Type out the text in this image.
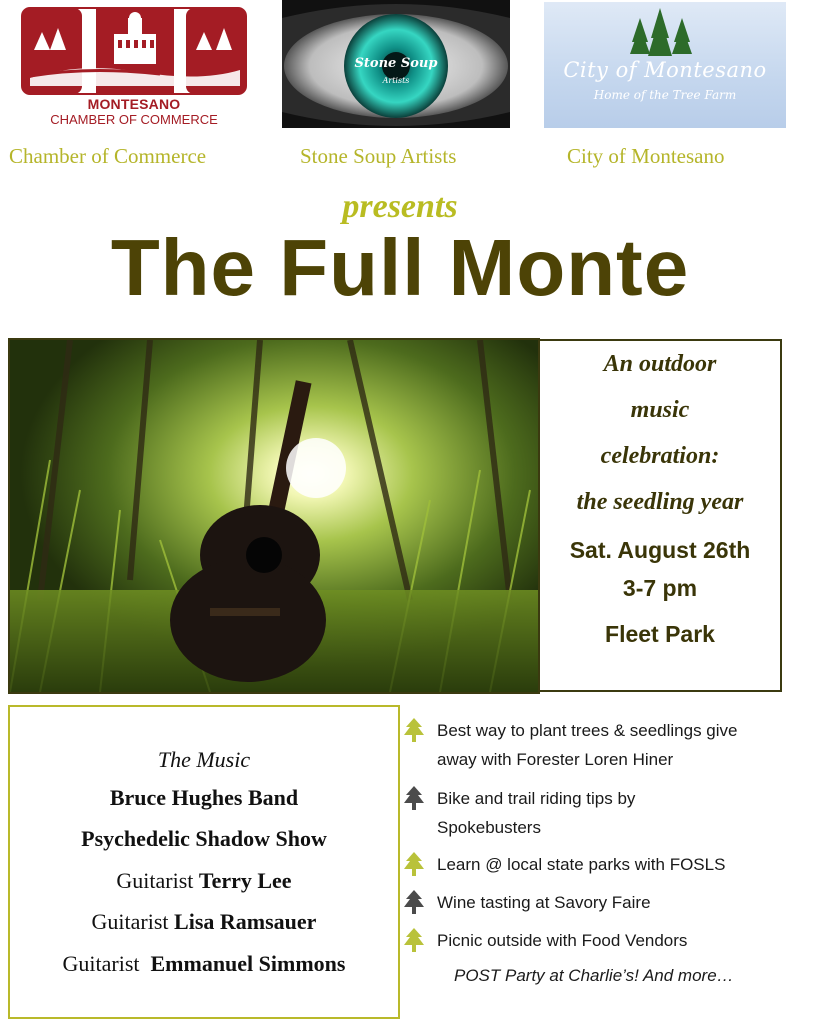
MONTESANO
CHAMBER OF COMMERCE
Stone Soup
Artists	City of Montesano
Home of the Tree Farm
Chamber of Commerce	Stone Soup Artists	City of Montesano
presents
The Full Monte
An outdoor
music
celebration:
the seedling year
Sat. August 26th
3-7 pm
Fleet Park
The Music
Bruce Hughes Band
Psychedelic Shadow Show
Guitarist Terry Lee
Guitarist Lisa Ramsauer
Guitarist  Emmanuel Simmons
Best way to plant trees & seedlings give
away with Forester Loren Hiner
Bike and trail riding tips by
Spokebusters
Learn @ local state parks with FOSLS
Wine tasting at Savory Faire
Picnic outside with Food Vendors
POST Party at Charlie’s! And more…
